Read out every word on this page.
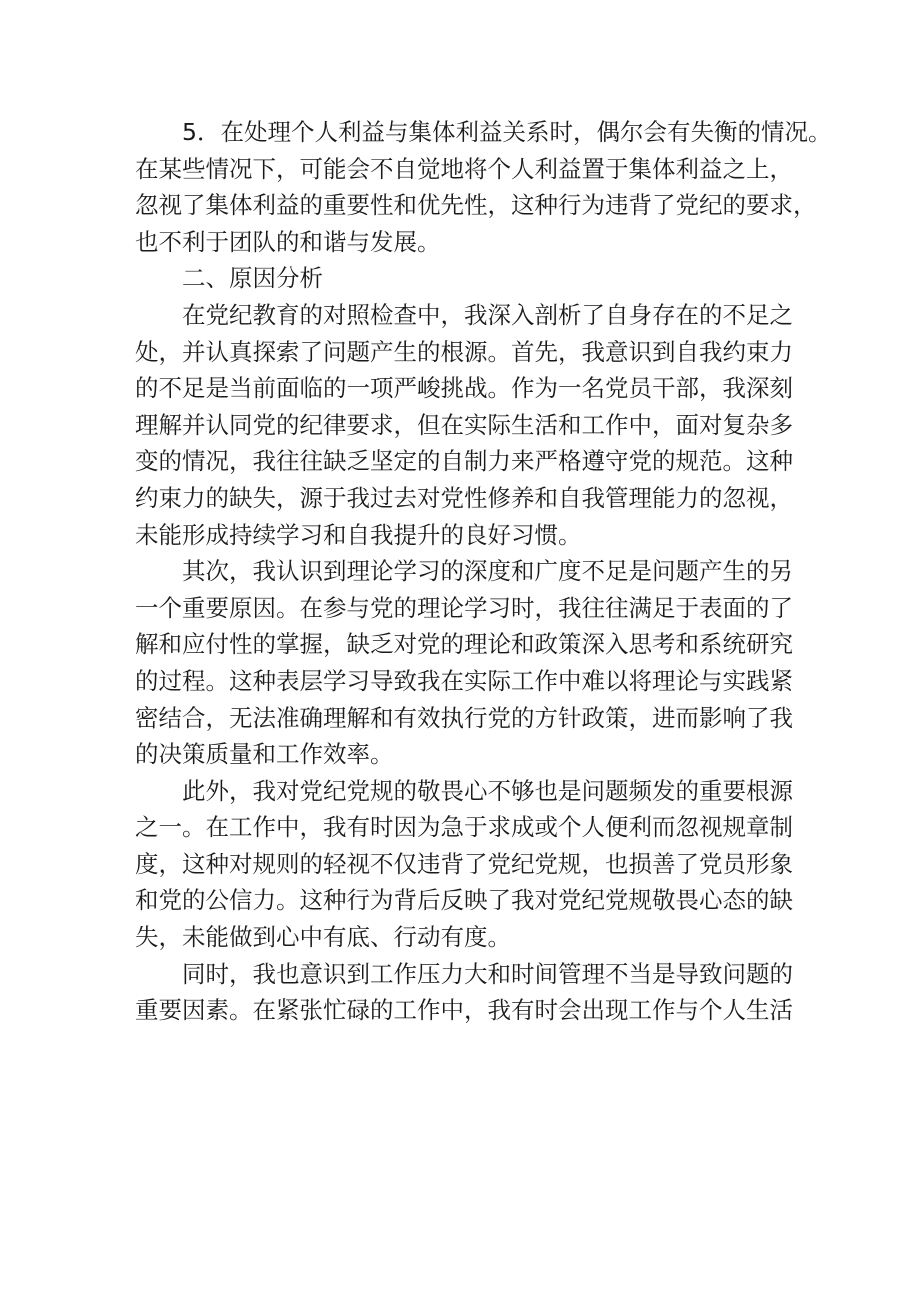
5．在处理个人利益与集体利益关系时，偶尔会有失衡的情况。

在某些情况下，可能会不自觉地将个人利益置于集体利益之上，

忽视了集体利益的重要性和优先性，这种行为违背了党纪的要求，

也不利于团队的和谐与发展。

二、原因分析

在党纪教育的对照检查中，我深入剖析了自身存在的不足之

处，并认真探索了问题产生的根源。首先，我意识到自我约束力

的不足是当前面临的一项严峻挑战。作为一名党员干部，我深刻

理解并认同党的纪律要求，但在实际生活和工作中，面对复杂多

变的情况，我往往缺乏坚定的自制力来严格遵守党的规范。这种

约束力的缺失，源于我过去对党性修养和自我管理能力的忽视，

未能形成持续学习和自我提升的良好习惯。

其次，我认识到理论学习的深度和广度不足是问题产生的另

一个重要原因。在参与党的理论学习时，我往往满足于表面的了

解和应付性的掌握，缺乏对党的理论和政策深入思考和系统研究

的过程。这种表层学习导致我在实际工作中难以将理论与实践紧

密结合，无法准确理解和有效执行党的方针政策，进而影响了我

的决策质量和工作效率。

此外，我对党纪党规的敬畏心不够也是问题频发的重要根源

之一。在工作中，我有时因为急于求成或个人便利而忽视规章制

度，这种对规则的轻视不仅违背了党纪党规，也损善了党员形象

和党的公信力。这种行为背后反映了我对党纪党规敬畏心态的缺

失，未能做到心中有底、行动有度。

同时，我也意识到工作压力大和时间管理不当是导致问题的

重要因素。在紧张忙碌的工作中，我有时会出现工作与个人生活
